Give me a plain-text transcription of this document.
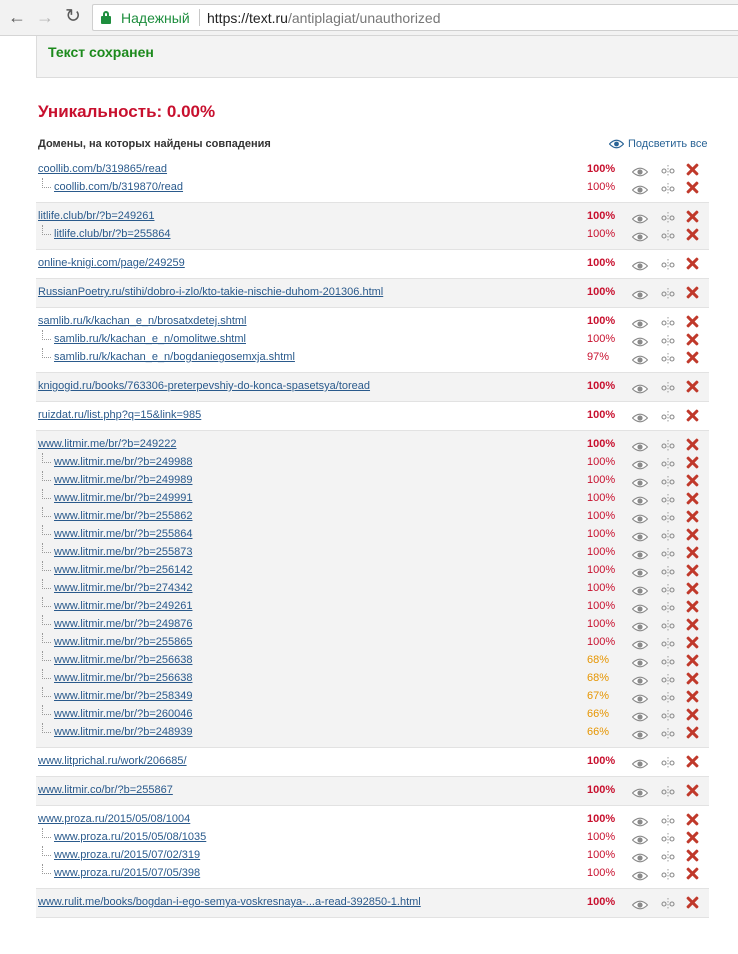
← → ↻	Надежный https://text.ru/antiplagiat/unauthorized
Текст сохранен
Уникальность: 0.00%
Домены, на которых найдены совпадения	Подсветить все
coollib.com/b/319865/read	100%
coollib.com/b/319870/read	100%
litlife.club/br/?b=249261	100%
litlife.club/br/?b=255864	100%
online-knigi.com/page/249259	100%
RussianPoetry.ru/stihi/dobro-i-zlo/kto-takie-nischie-duhom-201306.html	100%
samlib.ru/k/kachan_e_n/brosatxdetej.shtml	100%
samlib.ru/k/kachan_e_n/omolitwe.shtml	100%
samlib.ru/k/kachan_e_n/bogdaniegosemxja.shtml	97%
knigogid.ru/books/763306-preterpevshiy-do-konca-spasetsya/toread	100%
ruizdat.ru/list.php?q=15&link=985	100%
www.litmir.me/br/?b=249222	100%
www.litmir.me/br/?b=249988	100%
www.litmir.me/br/?b=249989	100%
www.litmir.me/br/?b=249991	100%
www.litmir.me/br/?b=255862	100%
www.litmir.me/br/?b=255864	100%
www.litmir.me/br/?b=255873	100%
www.litmir.me/br/?b=256142	100%
www.litmir.me/br/?b=274342	100%
www.litmir.me/br/?b=249261	100%
www.litmir.me/br/?b=249876	100%
www.litmir.me/br/?b=255865	100%
www.litmir.me/br/?b=256638	68%
www.litmir.me/br/?b=256638	68%
www.litmir.me/br/?b=258349	67%
www.litmir.me/br/?b=260046	66%
www.litmir.me/br/?b=248939	66%
www.litprichal.ru/work/206685/	100%
www.litmir.co/br/?b=255867	100%
www.proza.ru/2015/05/08/1004	100%
www.proza.ru/2015/05/08/1035	100%
www.proza.ru/2015/07/02/319	100%
www.proza.ru/2015/07/05/398	100%
www.rulit.me/books/bogdan-i-ego-semya-voskresnaya-...a-read-392850-1.html	100%
